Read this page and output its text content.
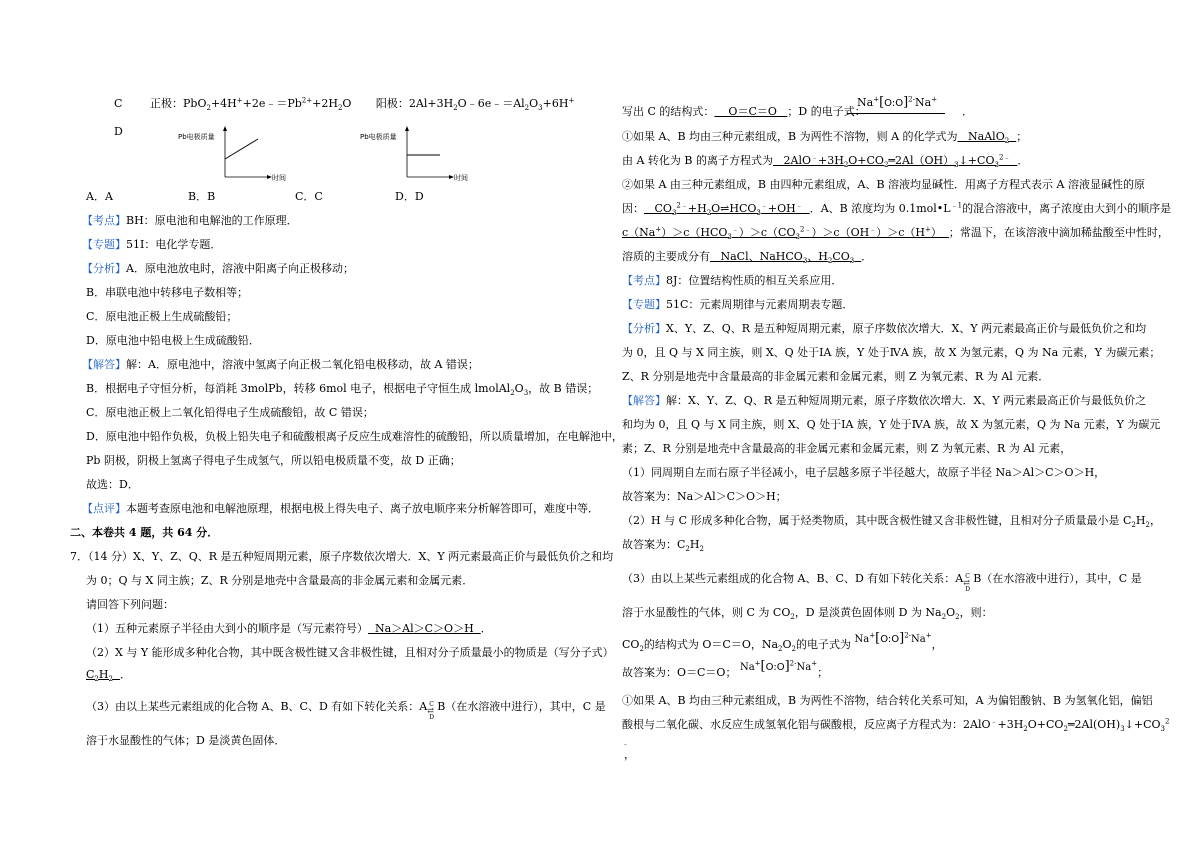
C	正极：$PbO_2+4H^++2e﹣=Pb^{2+}+2H_2O$ 阳极：$2Al+3H_2O﹣6e﹣=Al_2O_3+6H^+$
D	Pb电极质量
时间
Pb电极质量
时间
A．A	B．B	C．C	D．D
【考点】BH：原电池和电解池的工作原理．
【专题】51I：电化学专题．
【分析】A．原电池放电时，溶液中阳离子向正极移动；
B．串联电池中转移电子数相等；
C．原电池正极上生成硫酸铅；
D．原电池中铅电极上生成硫酸铅．
【解答】解：A．原电池中，溶液中氢离子向正极二氧化铅电极移动，故 A 错误；
B．根据电子守恒分析，每消耗 3molPb，转移 6mol 电子，根据电子守恒生成 $lmolAl_2O_3$，故 B 错误；
C．原电池正极上二氧化铅得电子生成硫酸铅，故 C 错误；
D．原电池中铅作负极，负极上铅失电子和硫酸根离子反应生成难溶性的硫酸铅，所以质量增加，在电解池中，
Pb 阴极，阴极上氢离子得电子生成氢气，所以铅电极质量不变，故 D 正确；
故选：D．
【点评】本题考查原电池和电解池原理，根据电极上得失电子、离子放电顺序来分析解答即可，难度中等．
二、本卷共 4 题，共 64 分．
7．（14 分）X、Y、Z、Q、R 是五种短周期元素，原子序数依次增大．X、Y 两元素最高正价与最低负价之和均
为 0；Q 与 X 同主族；Z、R 分别是地壳中含量最高的非金属元素和金属元素．
请回答下列问题：
（1）五种元素原子半径由大到小的顺序是（写元素符号） Na＞Al＞C＞O＞H ．
（2）X 与 Y 能形成多种化合物，其中既含极性键又含非极性键，且相对分子质量最小的物质是（写分子式）
$C_2H_2$ ．
（3）由以上某些元素组成的化合物 A、B、C、D 有如下转化关系：A C
⇄
D
B（在水溶液中进行），其中，C 是
溶于水显酸性的气体；D 是淡黄色固体．
写出 C 的结构式： O＝C＝O ；D 的电子式：
Na+[O:O]$^{2-}$Na+
．
①如果 A、B 均由三种元素组成，B 为两性不溶物，则 A 的化学式为 NaAlO$_2$ ；
由 A 转化为 B 的离子方程式为 $2AlO^﹣+3H_2O+CO_2═2Al(OH)_3↓+CO_3^{2﹣}$ ．
②如果 A 由三种元素组成，B 由四种元素组成，A、B 溶液均显碱性．用离子方程式表示 A 溶液显碱性的原
因： $CO_3^{2﹣}+H_2O\rightleftharpoons HCO_3^﹣+OH^﹣$ ．A、B 浓度均为 $0.1mol•L^{﹣1}$的混合溶液中，离子浓度由大到小的顺序是
$c(Na^+)>c(HCO_3^﹣)>c(CO_3^{2﹣})>c(OH^﹣)>c(H^+)$ ；常温下，在该溶液中滴加稀盐酸至中性时，
溶质的主要成分有 NaCl、NaHCO$_3$、$H_2CO_3$ ．
【考点】8J：位置结构性质的相互关系应用．
【专题】51C：元素周期律与元素周期表专题．
【分析】X、Y、Z、Q、R 是五种短周期元素，原子序数依次增大．X、Y 两元素最高正价与最低负价之和均
为 0，且 Q 与 X 同主族，则 X、Q 处于ⅠA 族，Y 处于ⅣA 族，故 X 为氢元素，Q 为 Na 元素，Y 为碳元素；
Z、R 分别是地壳中含量最高的非金属元素和金属元素，则 Z 为氧元素、R 为 Al 元素．
【解答】解：X、Y、Z、Q、R 是五种短周期元素，原子序数依次增大．X、Y 两元素最高正价与最低负价之
和均为 0，且 Q 与 X 同主族，则 X、Q 处于ⅠA 族，Y 处于ⅣA 族，故 X 为氢元素，Q 为 Na 元素，Y 为碳元
素；Z、R 分别是地壳中含量最高的非金属元素和金属元素，则 Z 为氧元素、R 为 Al 元素，
（1）同周期自左而右原子半径减小，电子层越多原子半径越大，故原子半径 Na＞Al＞C＞O＞H，
故答案为：Na＞Al＞C＞O＞H；
（2）H 与 C 形成多种化合物，属于烃类物质，其中既含极性键又含非极性键，且相对分子质量最小是 $C_2H_2$，
故答案为：$C_2H_2$
（3）由以上某些元素组成的化合物 A、B、C、D 有如下转化关系：A C
⇄
D
B（在水溶液中进行），其中，C 是
溶于水显酸性的气体，则 C 为 $CO_2$，D 是淡黄色固体则 D 为 $Na_2O_2$，则：
$CO_2$的结构式为 O＝C＝O，$Na_2O_2$的电子式为 Na+[O:O]$^{2-}$Na+，
故答案为：O＝C＝O； Na+[O:O]$^{2-}$Na+；
①如果 A、B 均由三种元素组成，B 为两性不溶物，结合转化关系可知，A 为偏铝酸钠、B 为氢氧化铝，偏铝
酸根与二氧化碳、水反应生成氢氧化铝与碳酸根，反应离子方程式为：$2AlO^﹣+3H_2O+CO_2═2Al(OH)_3↓+CO_3^2$
﹣
，
